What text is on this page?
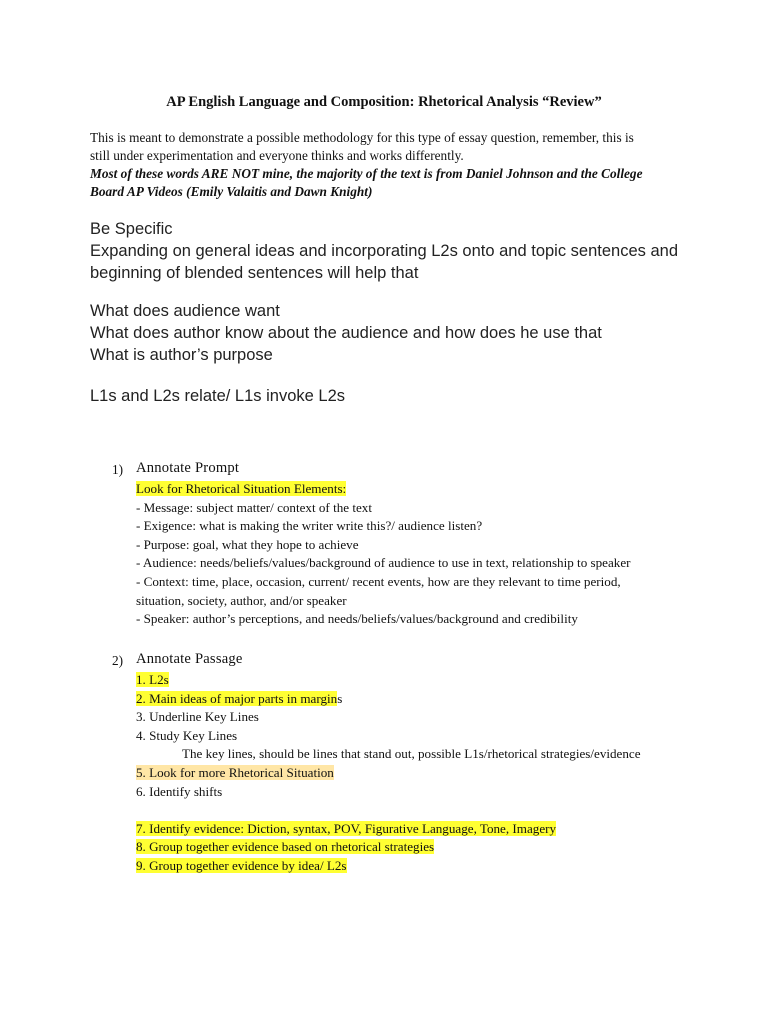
AP English Language and Composition: Rhetorical Analysis “Review”

This is meant to demonstrate a possible methodology for this type of essay question, remember, this is

still under experimentation and everyone thinks and works differently.

Most of these words ARE NOT mine, the majority of the text is from Daniel Johnson and the College

Board AP Videos (Emily Valaitis and Dawn Knight)

Be Specific

Expanding on general ideas and incorporating L2s onto and topic sentences and

beginning of blended sentences will help that

What does audience want

What does author know about the audience and how does he use that

What is author’s purpose

L1s and L2s relate/ L1s invoke L2s

1) Annotate Prompt
Look for Rhetorical Situation Elements:
- Message: subject matter/ context of the text
- Exigence: what is making the writer write this?/ audience listen?
- Purpose: goal, what they hope to achieve
- Audience: needs/beliefs/values/background of audience to use in text, relationship to speaker
- Context: time, place, occasion, current/ recent events, how are they relevant to time period,
situation, society, author, and/or speaker
- Speaker: author’s perceptions, and needs/beliefs/values/background and credibility
2) Annotate Passage
1. L2s
2. Main ideas of major parts in margins
3. Underline Key Lines
4. Study Key Lines
The key lines, should be lines that stand out, possible L1s/rhetorical strategies/evidence
5. Look for more Rhetorical Situation
6. Identify shifts
7. Identify evidence: Diction, syntax, POV, Figurative Language, Tone, Imagery
8. Group together evidence based on rhetorical strategies
9. Group together evidence by idea/ L2s
